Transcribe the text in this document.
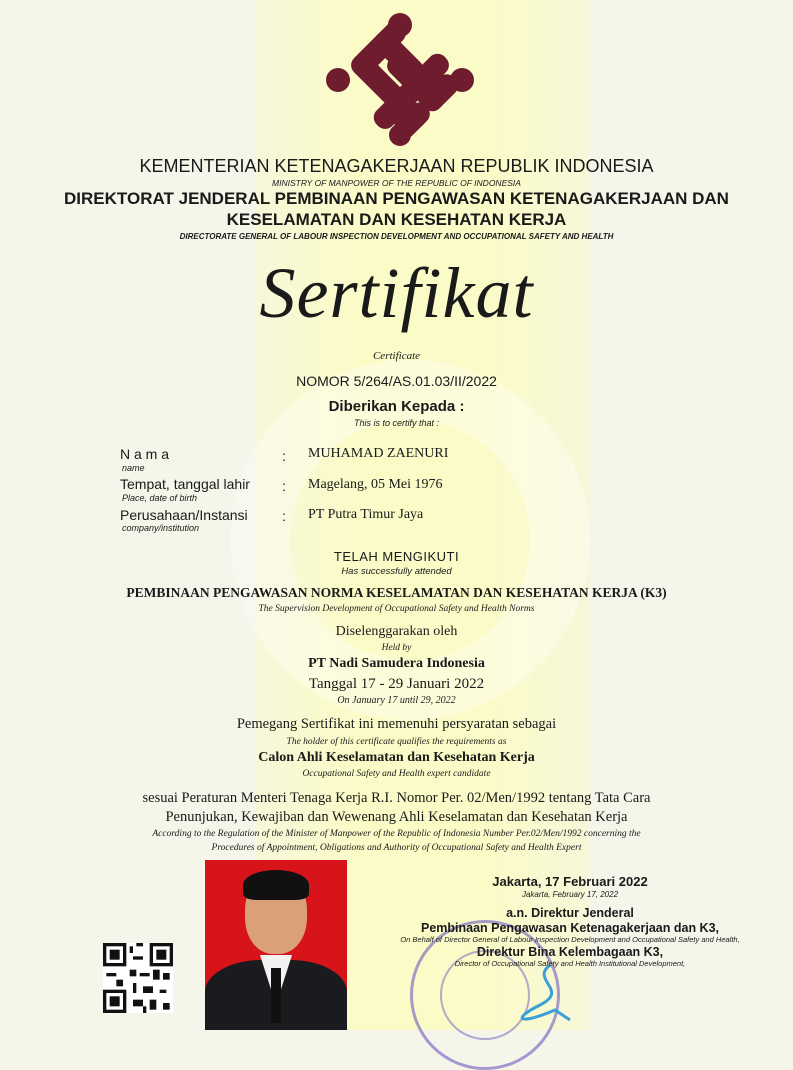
KEMENTERIAN KETENAGAKERJAAN REPUBLIK INDONESIA
MINISTRY OF MANPOWER OF THE REPUBLIC OF INDONESIA
DIREKTORAT JENDERAL PEMBINAAN PENGAWASAN KETENAGAKERJAAN DAN
KESELAMATAN DAN KESEHATAN KERJA
DIRECTORATE GENERAL OF LABOUR INSPECTION DEVELOPMENT AND OCCUPATIONAL SAFETY AND HEALTH
Sertifikat
Certificate
NOMOR 5/264/AS.01.03/II/2022
Diberikan Kepada :
This is to certify that :
N a m a
name
: MUHAMAD ZAENURI
Tempat, tanggal lahir
Place, date of birth
: Magelang, 05 Mei 1976
Perusahaan/Instansi
company/institution
: PT Putra Timur Jaya
TELAH MENGIKUTI
Has successfully attended
PEMBINAAN PENGAWASAN NORMA KESELAMATAN DAN KESEHATAN KERJA (K3)
The Supervision Development of Occupational Safety and Health Norms
Diselenggarakan oleh
Held by
PT Nadi Samudera Indonesia
Tanggal 17 - 29 Januari 2022
On January 17 until 29, 2022
Pemegang Sertifikat ini memenuhi persyaratan sebagai
The holder of this certificate qualifies the requirements as
Calon Ahli Keselamatan dan Kesehatan Kerja
Occupational Safety and Health expert candidate
sesuai Peraturan Menteri Tenaga Kerja R.I. Nomor Per. 02/Men/1992 tentang Tata Cara
Penunjukan, Kewajiban dan Wewenang Ahli Keselamatan dan Kesehatan Kerja
According to the Regulation of the Minister of Manpower of the Republic of Indonesia Number Per.02/Men/1992 concerning the
Procedures of Appointment, Obligations and Authority of Occupational Safety and Health Expert
Jakarta, 17 Februari 2022
Jakarta, February 17, 2022
a.n. Direktur Jenderal
Pembinaan Pengawasan Ketenagakerjaan dan K3,
On Behalf of Director General of Labour Inspection Development and Occupational Safety and Health,
Direktur Bina Kelembagaan K3,
Director of Occupational Safety and Health Institutional Development,
